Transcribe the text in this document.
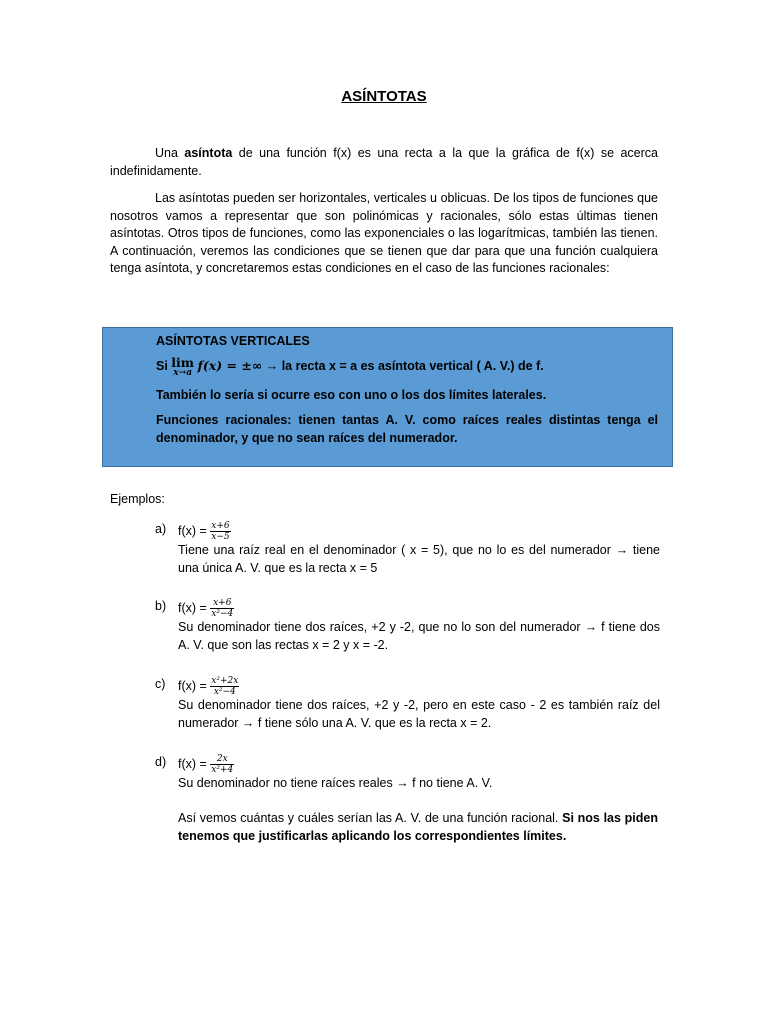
ASÍNTOTAS

Una asíntota de una función f(x) es una recta a la que la gráfica de f(x) se acerca indefinidamente.

Las asíntotas pueden ser horizontales, verticales u oblicuas. De los tipos de funciones que nosotros vamos a representar que son polinómicas y racionales, sólo estas últimas tienen asíntotas. Otros tipos de funciones, como las exponenciales o las logarítmicas, también las tienen. A continuación, veremos las condiciones que se tienen que dar para que una función cualquiera tenga asíntota, y concretaremos estas condiciones en el caso de las funciones racionales:

ASÍNTOTAS VERTICALES

Si lim
x→a f(x) = ±∞ → la recta x = a es asíntota vertical ( A. V.) de f.

También lo sería si ocurre eso con uno o los dos límites laterales.

Funciones racionales: tienen tantas A. V. como raíces reales distintas tenga el denominador, y que no sean raíces del numerador.

Ejemplos:
a) $f(x) = \frac{x+6}{x-5}$
Tiene una raíz real en el denominador ( x = 5), que no lo es del numerador → tiene una única A. V. que es la recta x = 5
b) $f(x) = \frac{x+6}{\text{x²−4}}$
Su denominador tiene dos raíces, +2 y -2, que no lo son del numerador → f tiene dos A. V. que son las rectas x = 2 y x = -2.
c) $f(x) = \frac{\text{x²+2x}}{\text{x²−4}}$
Su denominador tiene dos raíces, +2 y -2, pero en este caso - 2 es también raíz del numerador → f tiene sólo una A. V. que es la recta x = 2.
d) $f(x) = \frac{2x}{\text{x²+4}}$
Su denominador no tiene raíces reales → f no tiene A. V.

Así vemos cuántas y cuáles serían las A. V. de una función racional. Si nos las piden tenemos que justificarlas aplicando los correspondientes límites.
